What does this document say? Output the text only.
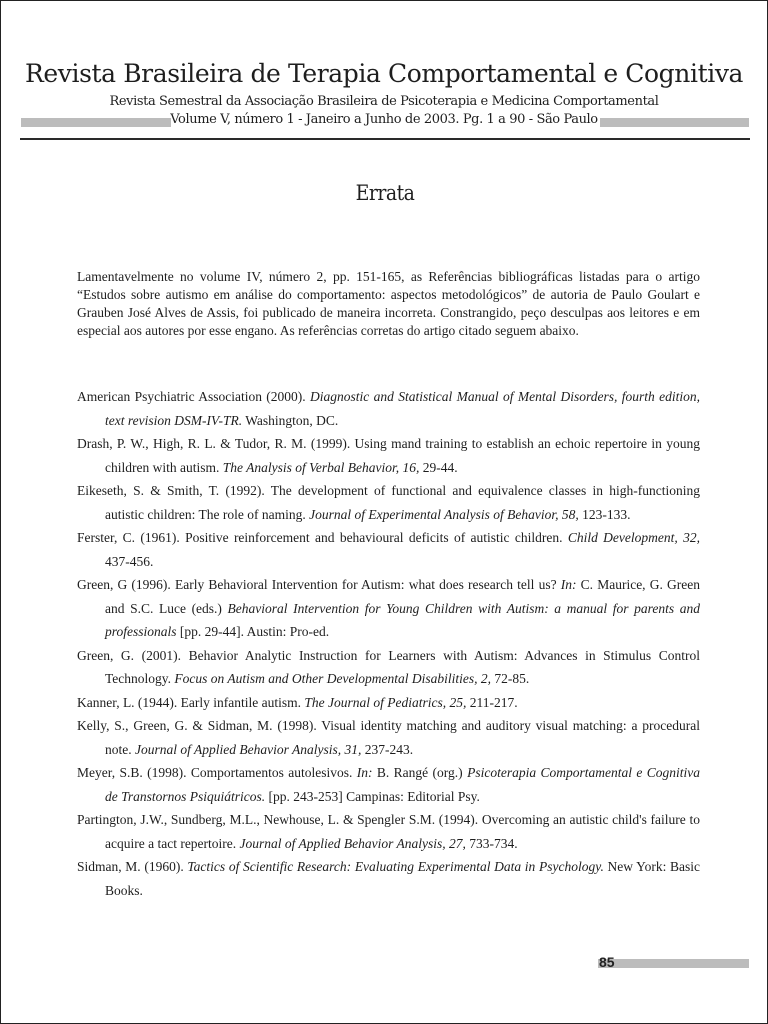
Revista Brasileira de Terapia Comportamental e Cognitiva
Revista Semestral da Associação Brasileira de Psicoterapia e Medicina Comportamental
Volume V, número 1 - Janeiro a Junho de 2003. Pg. 1 a 90 - São Paulo
Errata

Lamentavelmente no volume IV, número 2, pp. 151-165, as Referências bibliográficas listadas para o artigo “Estudos sobre autismo em análise do comportamento: aspectos metodológicos” de autoria de Paulo Goulart e Grauben José Alves de Assis, foi publicado de maneira incorreta. Constrangido, peço desculpas aos leitores e em especial aos autores por esse engano. As referências corretas do artigo citado seguem abaixo.

American Psychiatric Association (2000). Diagnostic and Statistical Manual of Mental Disorders, fourth edition, text revision DSM-IV-TR. Washington, DC.
Drash, P. W., High, R. L. & Tudor, R. M. (1999). Using mand training to establish an echoic repertoire in young children with autism. The Analysis of Verbal Behavior, 16, 29-44.
Eikeseth, S. & Smith, T. (1992). The development of functional and equivalence classes in high-functioning autistic children: The role of naming. Journal of Experimental Analysis of Behavior, 58, 123-133.
Ferster, C. (1961). Positive reinforcement and behavioural deficits of autistic children. Child Development, 32, 437-456.
Green, G (1996). Early Behavioral Intervention for Autism: what does research tell us? In: C. Maurice, G. Green and S.C. Luce (eds.) Behavioral Intervention for Young Children with Autism: a manual for parents and professionals [pp. 29-44]. Austin: Pro-ed.
Green, G. (2001). Behavior Analytic Instruction for Learners with Autism: Advances in Stimulus Control Technology. Focus on Autism and Other Developmental Disabilities, 2, 72-85.
Kanner, L. (1944). Early infantile autism. The Journal of Pediatrics, 25, 211-217.
Kelly, S., Green, G. & Sidman, M. (1998). Visual identity matching and auditory visual matching: a procedural note. Journal of Applied Behavior Analysis, 31, 237-243.
Meyer, S.B. (1998). Comportamentos autolesivos. In: B. Rangé (org.) Psicoterapia Comportamental e Cognitiva de Transtornos Psiquiátricos. [pp. 243-253] Campinas: Editorial Psy.
Partington, J.W., Sundberg, M.L., Newhouse, L. & Spengler S.M. (1994). Overcoming an autistic child's failure to acquire a tact repertoire. Journal of Applied Behavior Analysis, 27, 733-734.
Sidman, M. (1960). Tactics of Scientific Research: Evaluating Experimental Data in Psychology. New York: Basic Books.
85
